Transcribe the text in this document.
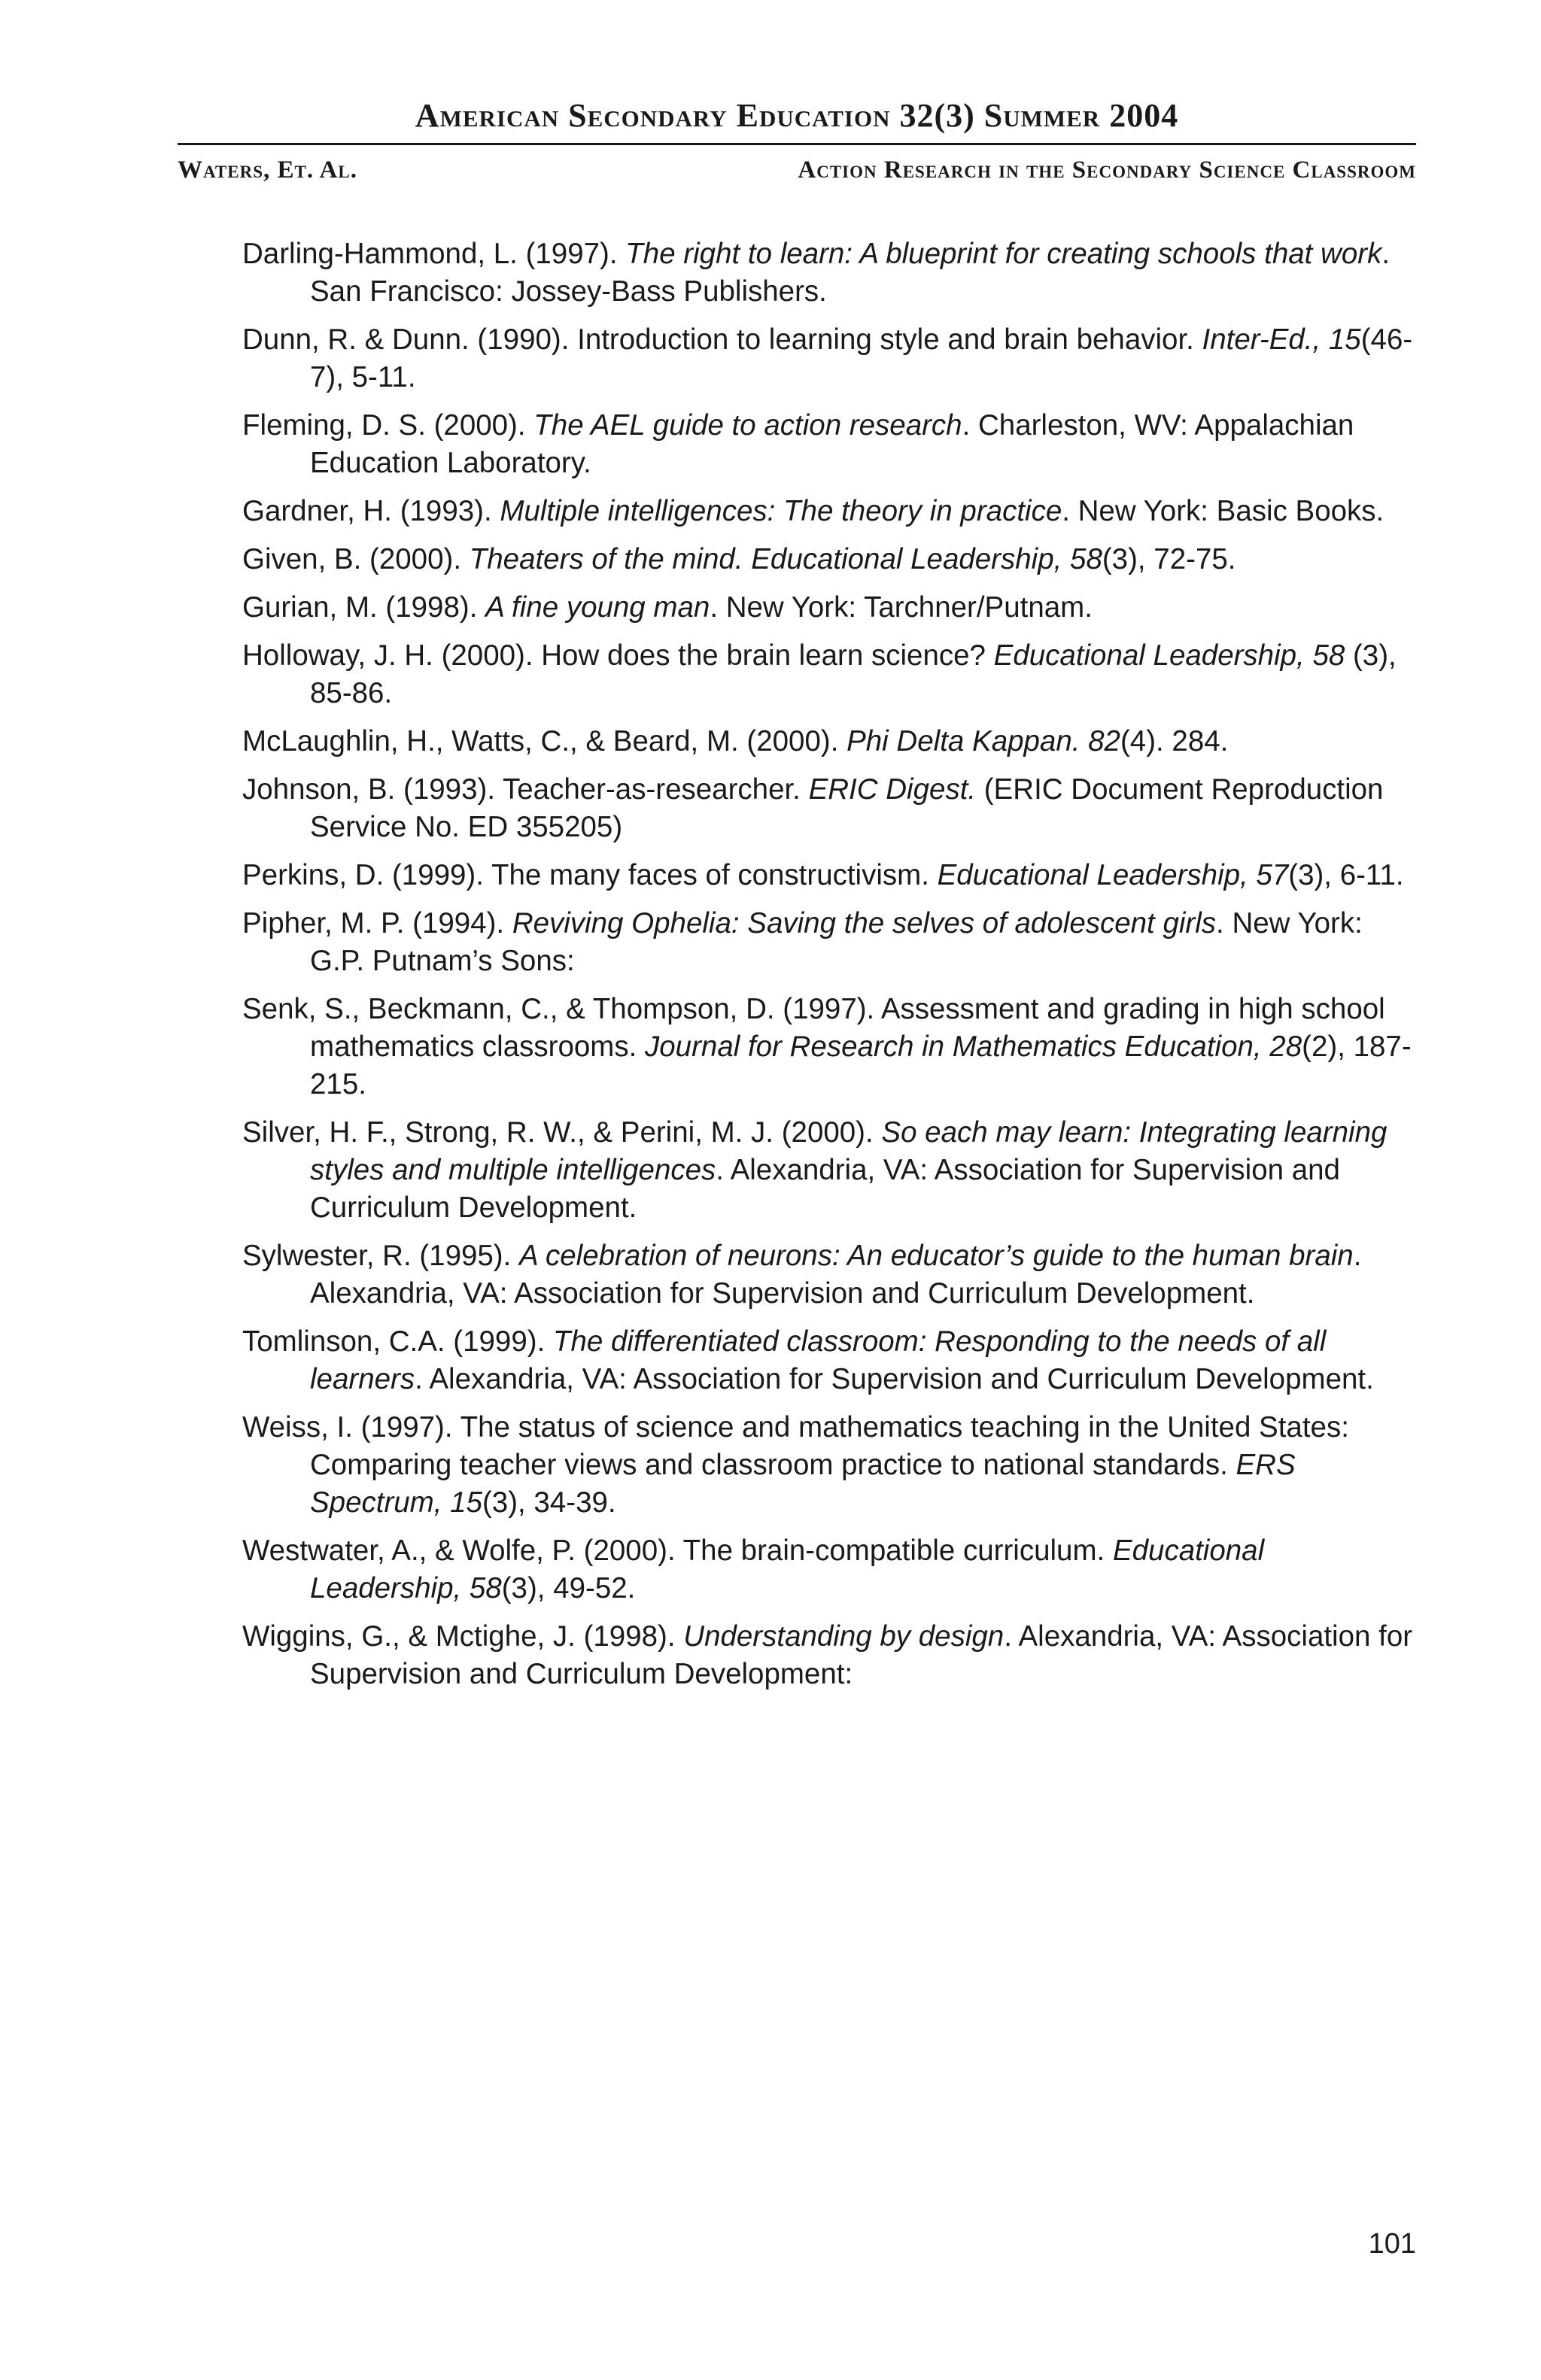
American Secondary Education 32(3) Summer 2004
Waters, Et. Al.	Action Research in the Secondary Science Classroom
Darling-Hammond, L. (1997). The right to learn: A blueprint for creating schools that work. San Francisco: Jossey-Bass Publishers.
Dunn, R. & Dunn. (1990). Introduction to learning style and brain behavior. Inter-Ed., 15(46-7), 5-11.
Fleming, D. S. (2000). The AEL guide to action research. Charleston, WV: Appalachian Education Laboratory.
Gardner, H. (1993). Multiple intelligences: The theory in practice. New York: Basic Books.
Given, B. (2000). Theaters of the mind. Educational Leadership, 58(3), 72-75.
Gurian, M. (1998). A fine young man. New York: Tarchner/Putnam.
Holloway, J. H. (2000). How does the brain learn science? Educational Leadership, 58 (3), 85-86.
McLaughlin, H., Watts, C., & Beard, M. (2000). Phi Delta Kappan. 82(4). 284.
Johnson, B. (1993). Teacher-as-researcher. ERIC Digest. (ERIC Document Reproduction Service No. ED 355205)
Perkins, D. (1999). The many faces of constructivism. Educational Leadership, 57(3), 6-11.
Pipher, M. P. (1994). Reviving Ophelia: Saving the selves of adolescent girls. New York: G.P. Putnam’s Sons:
Senk, S., Beckmann, C., & Thompson, D. (1997). Assessment and grading in high school mathematics classrooms. Journal for Research in Mathematics Education, 28(2), 187-215.
Silver, H. F., Strong, R. W., & Perini, M. J. (2000). So each may learn: Integrating learning styles and multiple intelligences. Alexandria, VA: Association for Supervision and Curriculum Development.
Sylwester, R. (1995). A celebration of neurons: An educator’s guide to the human brain. Alexandria, VA: Association for Supervision and Curriculum Development.
Tomlinson, C.A. (1999). The differentiated classroom: Responding to the needs of all learners. Alexandria, VA: Association for Supervision and Curriculum Development.
Weiss, I. (1997). The status of science and mathematics teaching in the United States: Comparing teacher views and classroom practice to national standards. ERS Spectrum, 15(3), 34-39.
Westwater, A., & Wolfe, P. (2000). The brain-compatible curriculum. Educational Leadership, 58(3), 49-52.
Wiggins, G., & Mctighe, J. (1998). Understanding by design. Alexandria, VA: Association for Supervision and Curriculum Development:
101
